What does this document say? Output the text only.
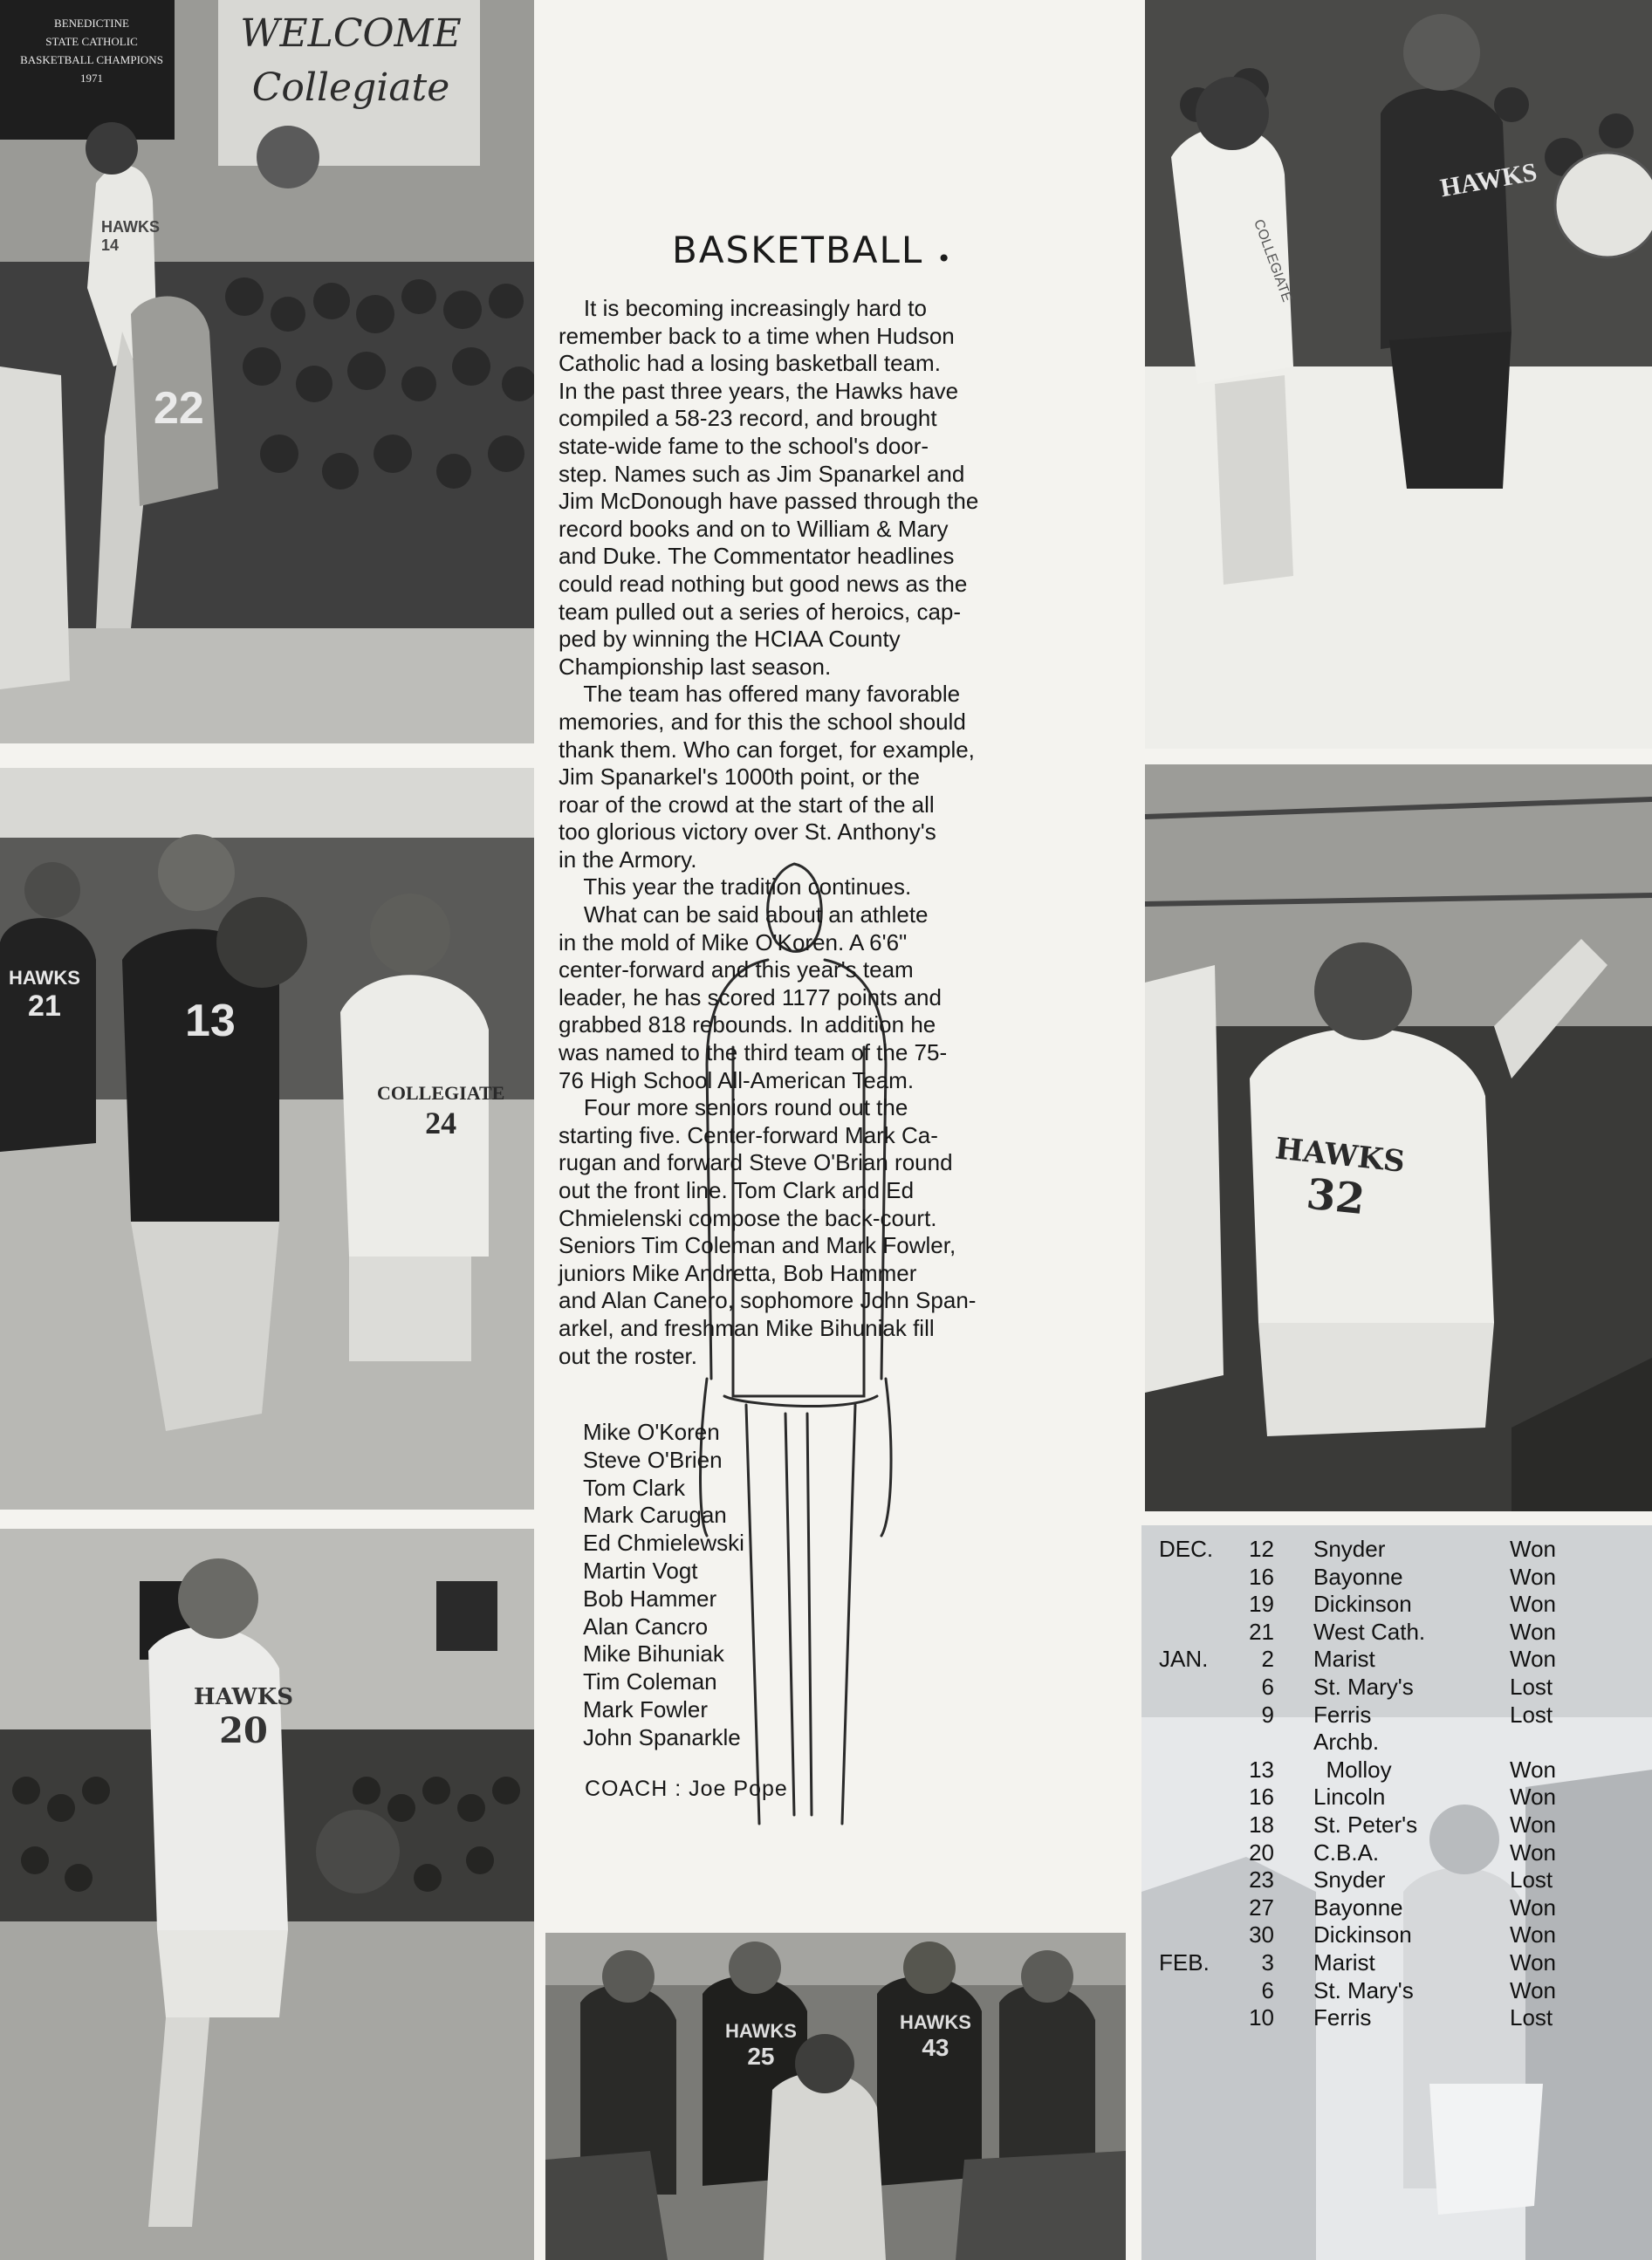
BENEDICTINE
STATE CATHOLIC
BASKETBALL CHAMPIONS
1971
WELCOME
Collegiate
HAWKS
14
22
HAWKS
COLLEGIATE
HAWKS
21	13
COLLEGIATE
24
HAWKS
32
HAWKS
20
HAWKS
25
HAWKS
43
BASKETBALL •
It is becoming increasingly hard to
remember back to a time when Hudson
Catholic had a losing basketball team.
In the past three years, the Hawks have
compiled a 58-23 record, and brought
state-wide fame to the school's door-
step. Names such as Jim Spanarkel and
Jim McDonough have passed through the
record books and on to William & Mary
and Duke. The Commentator headlines
could read nothing but good news as the
team pulled out a series of heroics, cap-
ped by winning the HCIAA County
Championship last season.
The team has offered many favorable
memories, and for this the school should
thank them. Who can forget, for example,
Jim Spanarkel's 1000th point, or the
roar of the crowd at the start of the all
too glorious victory over St. Anthony's
in the Armory.
This year the tradition continues.
What can be said about an athlete
in the mold of Mike O'Koren. A 6'6"
center-forward and this year's team
leader, he has scored 1177 points and
grabbed 818 rebounds. In addition he
was named to the third team of the 75-
76 High School All-American Team.
Four more seniors round out the
starting five. Center-forward Mark Ca-
rugan and forward Steve O'Brian round
out the front line. Tom Clark and Ed
Chmielenski compose the back-court.
Seniors Tim Coleman and Mark Fowler,
juniors Mike Andretta, Bob Hammer
and Alan Canero, sophomore John Span-
arkel, and freshman Mike Bihuniak fill
out the roster.
Mike O'Koren
Steve O'Brien
Tom Clark
Mark Carugan
Ed Chmielewski
Martin Vogt
Bob Hammer
Alan Cancro
Mike Bihuniak
Tim Coleman
Mark Fowler
John Spanarkle
COACH : Joe Pope
DEC.	12 Snyder	Won
16 Bayonne	Won
19 Dickinson	Won
21 West Cath.	Won
JAN.	2 Marist	Won
6 St. Mary's	Lost
9 Ferris	Lost
Archb.
13 Molloy	Won
16 Lincoln	Won
18 St. Peter's	Won
20 C.B.A.	Won
23 Snyder	Lost
27 Bayonne	Won
30 Dickinson	Won
FEB.	3 Marist	Won
6 St. Mary's	Won
10 Ferris	Lost
